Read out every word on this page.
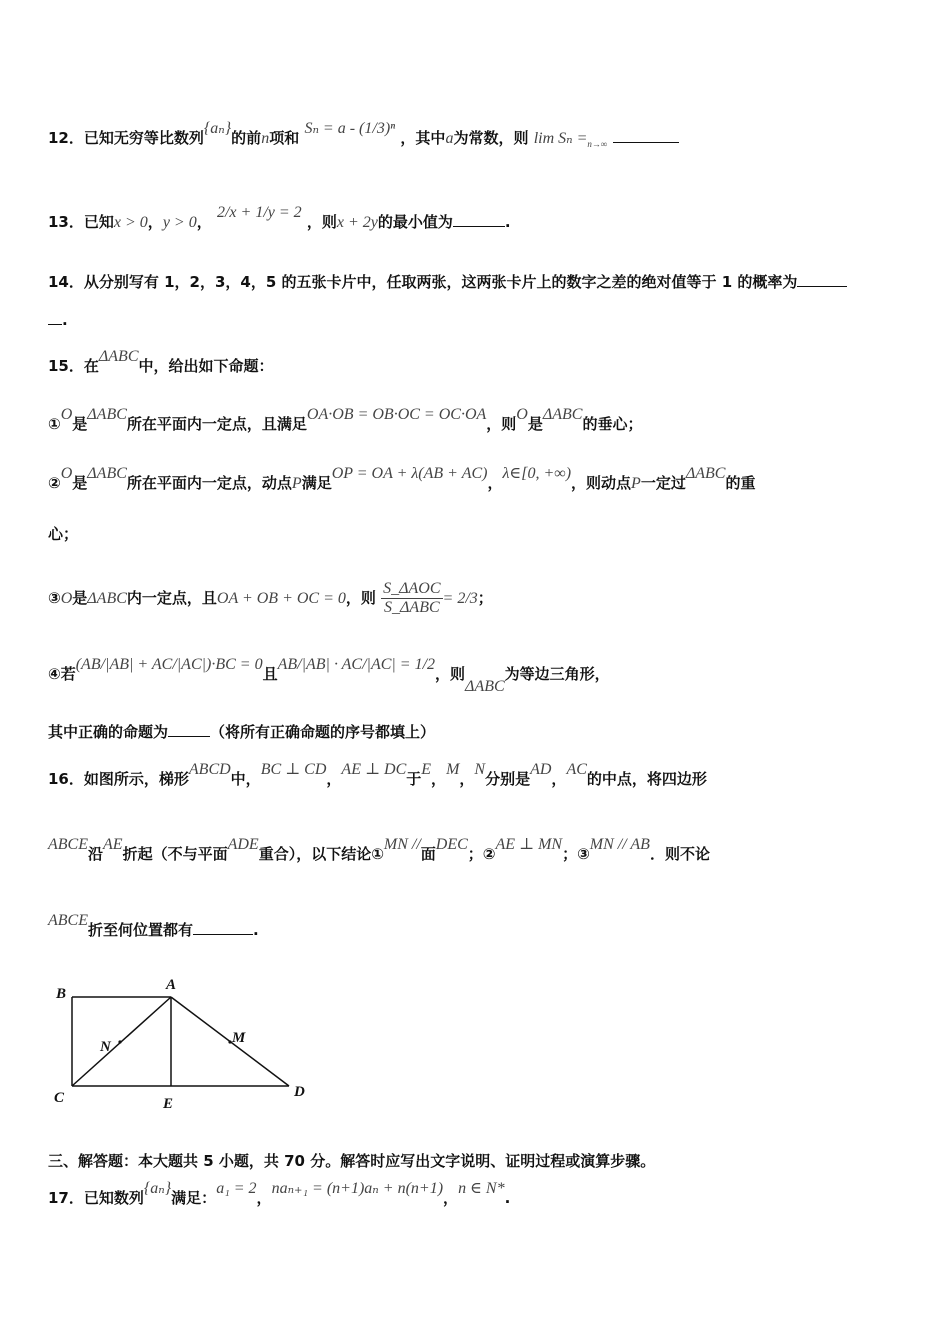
12．已知无穷等比数列{aₙ}的前n项和 Sₙ = a - (1/3)ⁿ ，其中a为常数，则 $\lim S_n =_{n\to\infty}$
13．已知x > 0，y > 0， 2/x + 1/y = 2 ，则x + 2y的最小值为	.
14．从分别写有 1，2，3，4，5 的五张卡片中，任取两张，这两张卡片上的数字之差的绝对值等于 1 的概率为
.
15．在ΔABC中，给出如下命题：
①O是ΔABC所在平面内一定点，且满足OA·OB = OB·OC = OC·OA，则O是ΔABC的垂心；
②O是ΔABC所在平面内一定点，动点P满足OP = OA + λ(AB + AC)，λ∈[0, +∞)，则动点P一定过ΔABC的重
心；
③O是ΔABC内一定点，且OA + OB + OC = 0，则 $\frac{\text{S\_ΔAOC}}{\text{S\_ΔABC}} = 2/3$；
④若(AB/|AB| + AC/|AC|)·BC = 0且AB/|AB| · AC/|AC| = 1/2，则ΔABC为等边三角形，
其中正确的命题为	（将所有正确命题的序号都填上）
16．如图所示，梯形ABCD中，BC ⊥ CD，AE ⊥ DC于E，M，N分别是AD，AC的中点，将四边形
ABCE沿AE折起（不与平面ADE重合），以下结论①MN //面DEC；②AE ⊥ MN；③MN // AB．则不论
ABCE折至何位置都有	.
B
A
N
M
C	E
D
三、解答题：本大题共 5 小题，共 70 分。解答时应写出文字说明、证明过程或演算步骤。
17．已知数列{aₙ}满足：a₁ = 2，naₙ₊₁ = (n+1)aₙ + n(n+1)，n ∈ N*.
